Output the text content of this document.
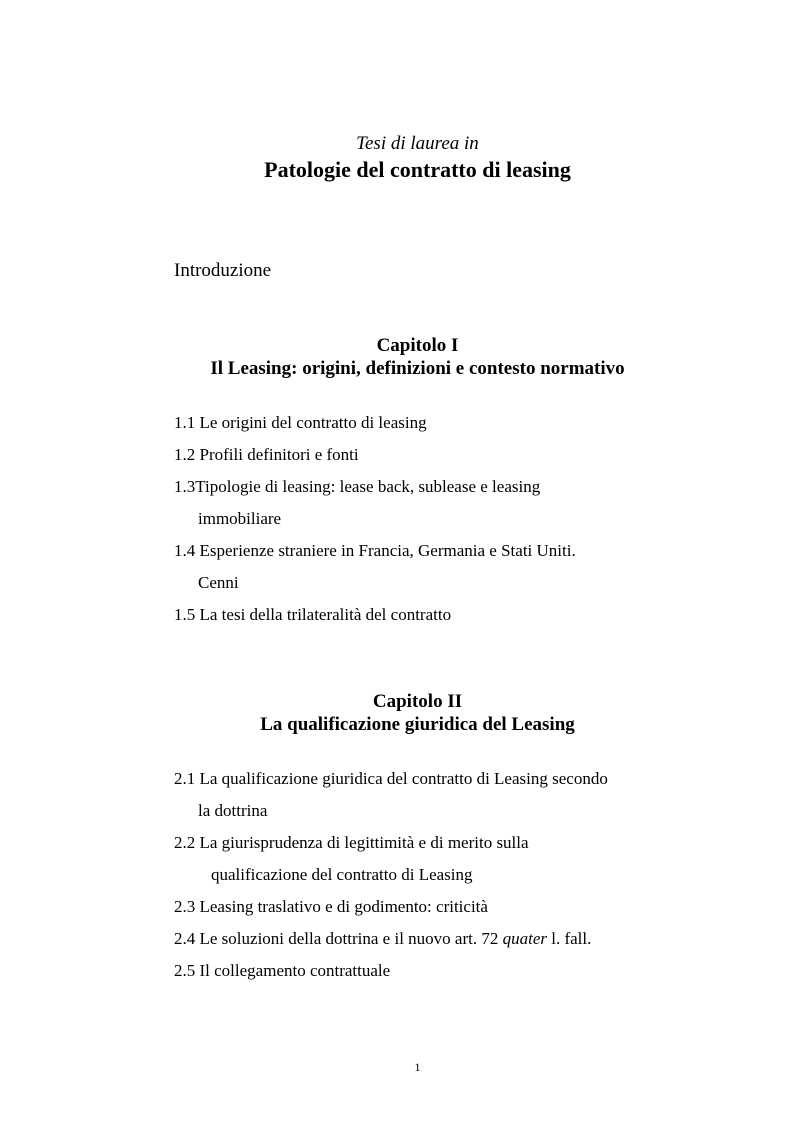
Tesi di laurea in
Patologie del contratto di leasing
Introduzione
Capitolo I
Il Leasing: origini, definizioni e contesto normativo
1.1 Le origini del contratto di leasing
1.2 Profili definitori e fonti
1.3Tipologie di leasing: lease back, sublease e leasing
immobiliare
1.4 Esperienze straniere in Francia, Germania e Stati Uniti.
Cenni
1.5 La tesi della trilateralità del contratto
Capitolo II
La qualificazione giuridica del Leasing
2.1 La qualificazione giuridica del contratto di Leasing secondo
la dottrina
2.2 La giurisprudenza di legittimità e di merito sulla
qualificazione del contratto di Leasing
2.3 Leasing traslativo e di godimento: criticità
2.4 Le soluzioni della dottrina e il nuovo art. 72 quater l. fall.
2.5 Il collegamento contrattuale
1
